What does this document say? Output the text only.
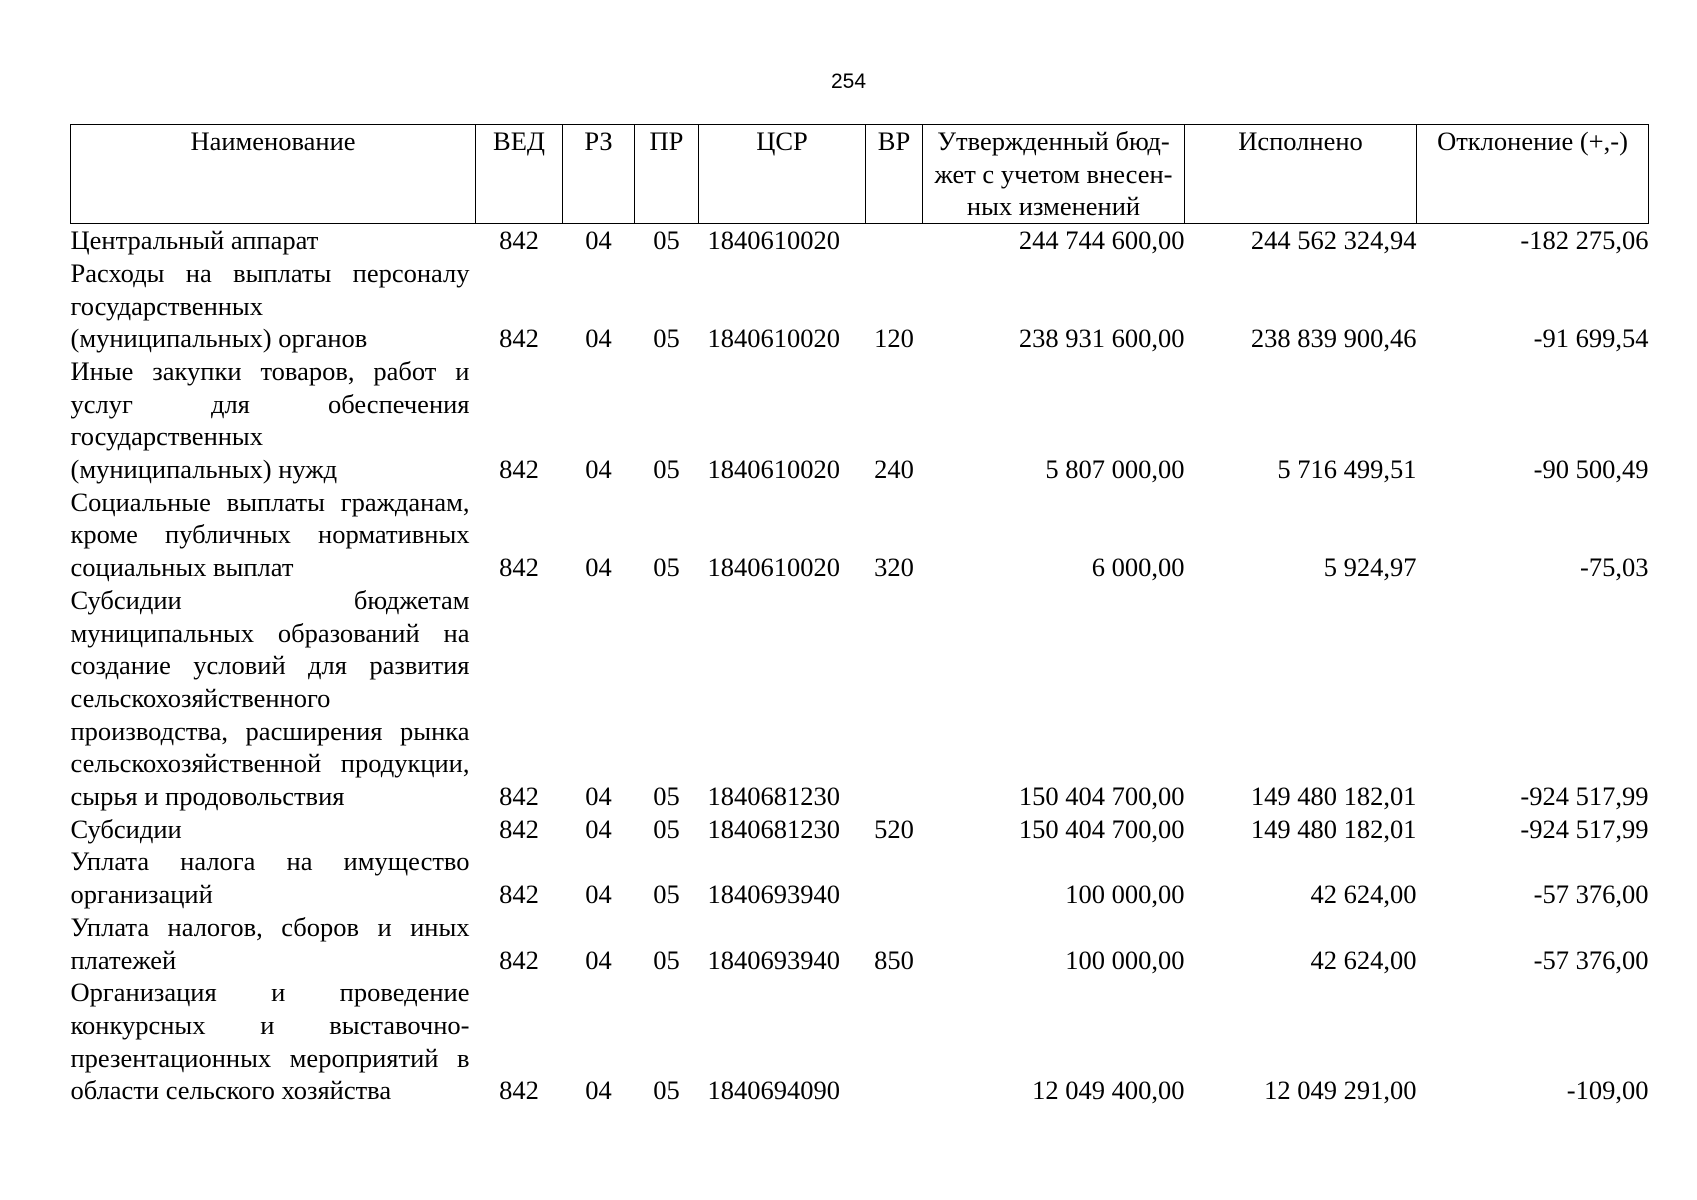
254
Наименование	ВЕД	РЗ	ПР	ЦСР	ВР	Утвержденный бюд-жет с учетом внесен-ных изменений	Исполнено	Отклонение (+,-)
Центральный аппарат	842	04	05	1840610020		244 744 600,00	244 562 324,94	-182 275,06
Расходы на выплаты персоналу государственных (муниципальных) органов	842	04	05	1840610020	120	238 931 600,00	238 839 900,46	-91 699,54
Иные закупки товаров, работ и услуг для обеспечения государственных (муниципальных) нужд	842	04	05	1840610020	240	5 807 000,00	5 716 499,51	-90 500,49
Социальные выплаты гражданам, кроме публичных нормативных социальных выплат	842	04	05	1840610020	320	6 000,00	5 924,97	-75,03
Субсидии бюджетам муниципальных образований на создание условий для развития сельскохозяйственного производства, расширения рынка сельскохозяйственной продукции, сырья и продовольствия	842	04	05	1840681230		150 404 700,00	149 480 182,01	-924 517,99
Субсидии	842	04	05	1840681230	520	150 404 700,00	149 480 182,01	-924 517,99
Уплата налога на имущество организаций	842	04	05	1840693940		100 000,00	42 624,00	-57 376,00
Уплата налогов, сборов и иных платежей	842	04	05	1840693940	850	100 000,00	42 624,00	-57 376,00
Организация и проведение конкурсных и выставочно-презентационных мероприятий в области сельского хозяйства	842	04	05	1840694090		12 049 400,00	12 049 291,00	-109,00
